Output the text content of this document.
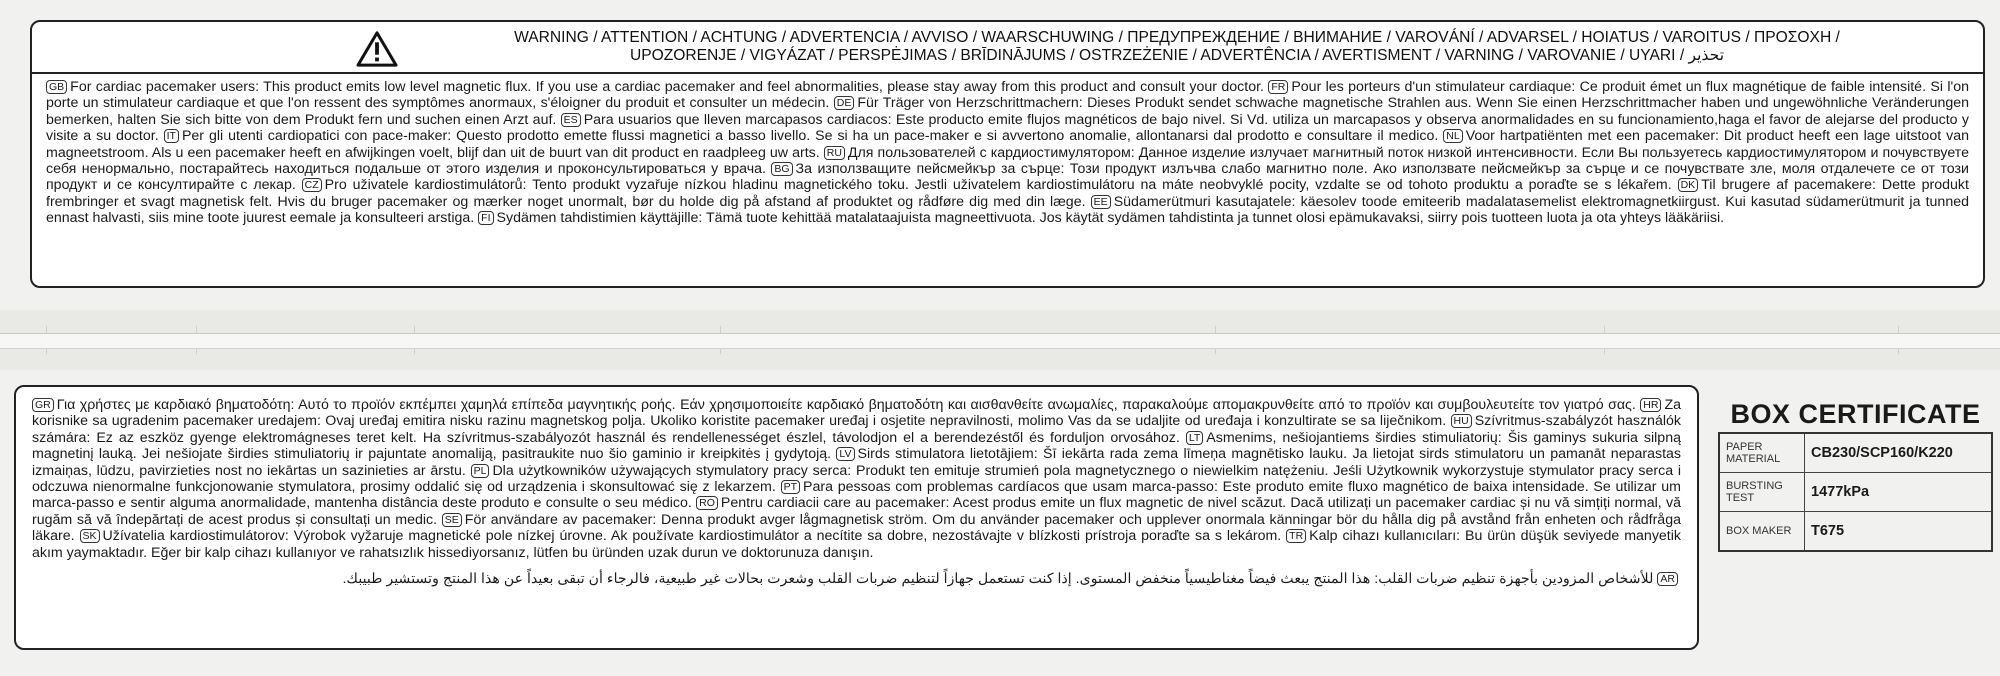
WARNING / ATTENTION / ACHTUNG / ADVERTENCIA / AVVISO / WAARSCHUWING / ПРЕДУПРЕЖДЕНИЕ / ВНИМАНИЕ / VAROVÁNÍ / ADVARSEL / HOIATUS / VAROITUS / ΠΡΟΣΟΧΗ /
UPOZORENJE / VIGYÁZAT / PERSPĖJIMAS / BRĪDINĀJUMS / OSTRZEŻENIE / ADVERTÊNCIA / AVERTISMENT / VARNING / VAROVANIE / UYARI / تحذير
GB For cardiac pacemaker users: This product emits low level magnetic flux. If you use a cardiac pacemaker and feel abnormalities, please stay away from this product and consult your doctor. FR Pour les porteurs d'un stimulateur cardiaque: Ce produit émet un flux magnétique de faible intensité. Si l'on porte un stimulateur cardiaque et que l'on ressent des symptômes anormaux, s'éloigner du produit et consulter un médecin. DE Für Träger von Herzschrittmachern: Dieses Produkt sendet schwache magnetische Strahlen aus. Wenn Sie einen Herzschrittmacher haben und ungewöhnliche Veränderungen bemerken, halten Sie sich bitte von dem Produkt fern und suchen einen Arzt auf. ES Para usuarios que lleven marcapasos cardiacos: Este producto emite flujos magnéticos de bajo nivel. Si Vd. utiliza un marcapasos y observa anormalidades en su funcionamiento,haga el favor de alejarse del producto y visite a su doctor. IT Per gli utenti cardiopatici con pace-maker: Questo prodotto emette flussi magnetici a basso livello. Se si ha un pace-maker e si avvertono anomalie, allontanarsi dal prodotto e consultare il medico. NL Voor hartpatiënten met een pacemaker: Dit product heeft een lage uitstoot van magneetstroom. Als u een pacemaker heeft en afwijkingen voelt, blijf dan uit de buurt van dit product en raadpleeg uw arts. RU Для пользователей с кардиостимулятором: Данное изделие излучает магнитный поток низкой интенсивности. Если Вы пользуетесь кардиостимулятором и почувствуете себя ненормально, постарайтесь находиться подальше от этого изделия и проконсультироваться у врача. BG За използващите пейсмейкър за сърце: Този продукт излъчва слабо магнитно поле. Ако използвате пейсмейкър за сърце и се почувствате зле, моля отдалечете се от този продукт и се консултирайте с лекар. CZ Pro uživatele kardiostimulátorů: Tento produkt vyzařuje nízkou hladinu magnetického toku. Jestli uživatelem kardiostimulátoru na máte neobvyklé pocity, vzdalte se od tohoto produktu a poraďte se s lékařem. DK Til brugere af pacemakere: Dette produkt frembringer et svagt magnetisk felt. Hvis du bruger pacemaker og mærker noget unormalt, bør du holde dig på afstand af produktet og rådføre dig med din læge. EE Südamerütmuri kasutajatele: käesolev toode emiteerib madalatasemelist elektromagnetkiirgust. Kui kasutad südamerütmurit ja tunned ennast halvasti, siis mine toote juurest eemale ja konsulteeri arstiga. FI Sydämen tahdistimien käyttäjille: Tämä tuote kehittää matalataajuista magneettivuota. Jos käytät sydämen tahdistinta ja tunnet olosi epämukavaksi, siirry pois tuotteen luota ja ota yhteys lääkäriisi.
GR Για χρήστες με καρδιακό βηματοδότη: Αυτό το προϊόν εκπέμπει χαμηλά επίπεδα μαγνητικής ροής. Εάν χρησιμοποιείτε καρδιακό βηματοδότη και αισθανθείτε ανωμαλίες, παρακαλούμε απομακρυνθείτε από το προϊόν και συμβουλευτείτε τον γιατρό σας. HR Za korisnike sa ugradenim pacemaker uredajem: Ovaj uređaj emitira nisku razinu magnetskog polja. Ukoliko koristite pacemaker uređaj i osjetite nepravilnosti, molimo Vas da se udaljite od uređaja i konzultirate se sa liječnikom. HU Szívritmus-szabályzót használók számára: Ez az eszköz gyenge elektromágneses teret kelt. Ha szívritmus-szabályozót használ és rendellenességet észlel, távolodjon el a berendezéstől és forduljon orvosához. LT Asmenims, nešiojantiems širdies stimuliatorių: Šis gaminys sukuria silpną magnetinį lauką. Jei nešiojate širdies stimuliatorių ir pajuntate anomaliją, pasitraukite nuo šio gaminio ir kreipkitės į gydytoją. LV Sirds stimulatora lietotājiem: Šī iekārta rada zema līmeņa magnētisko lauku. Ja lietojat sirds stimulatoru un pamanāt neparastas izmaiņas, lūdzu, pavirzieties nost no iekārtas un sazinieties ar ārstu. PL Dla użytkowników używających stymulatory pracy serca: Produkt ten emituje strumień pola magnetycznego o niewielkim natężeniu. Jeśli Użytkownik wykorzystuje stymulator pracy serca i odczuwa nienormalne funkcjonowanie stymulatora, prosimy oddalić się od urządzenia i skonsultować się z lekarzem. PT Para pessoas com problemas cardíacos que usam marca-passo: Este produto emite fluxo magnético de baixa intensidade. Se utilizar um marca-passo e sentir alguma anormalidade, mantenha distância deste produto e consulte o seu médico. RO Pentru cardiacii care au pacemaker: Acest produs emite un flux magnetic de nivel scăzut. Dacă utilizați un pacemaker cardiac și nu vă simțiți normal, vă rugăm să vă îndepărtați de acest produs și consultați un medic. SE För användare av pacemaker: Denna produkt avger lågmagnetisk ström. Om du använder pacemaker och upplever onormala känningar bör du hålla dig på avstånd från enheten och rådfråga läkare. SK Užívatelia kardiostimulátorov: Výrobok vyžaruje magnetické pole nízkej úrovne. Ak používate kardiostimulátor a necítite sa dobre, nezostávajte v blízkosti prístroja poraďte sa s lekárom. TR Kalp cihazı kullanıcıları: Bu ürün düşük seviyede manyetik akım yaymaktadır. Eğer bir kalp cihazı kullanıyor ve rahatsızlık hissediyorsanız, lütfen bu üründen uzak durun ve doktorunuza danışın.
AR للأشخاص المزودين بأجهزة تنظيم ضربات القلب: هذا المنتج يبعث فيضاً مغناطيسياً منخفض المستوى. إذا كنت تستعمل جهازاً لتنظيم ضربات القلب وشعرت بحالات غير طبيعية، فالرجاء أن تبقى بعيداً عن هذا المنتج وتستشير طبيبك.
BOX CERTIFICATE
PAPER MATERIAL	CB230/SCP160/K220
BURSTING TEST	1477kPa
BOX MAKER	T675
